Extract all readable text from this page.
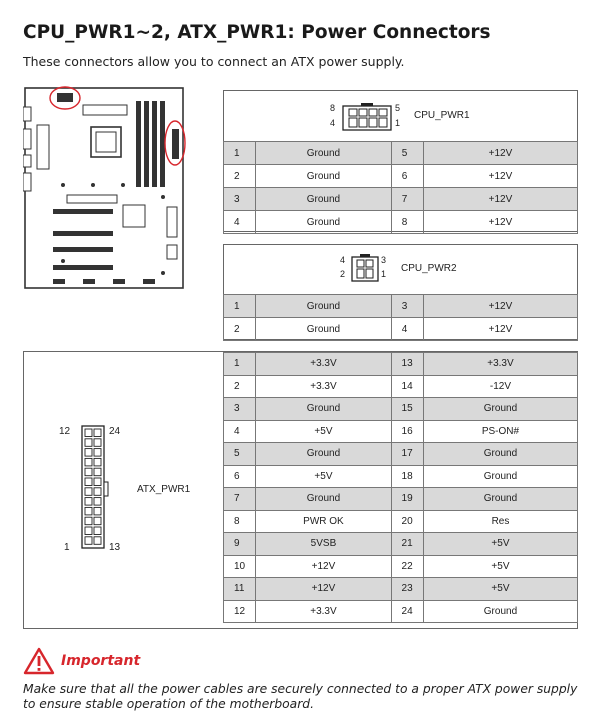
CPU_PWR1~2, ATX_PWR1: Power Connectors
These connectors allow you to connect an ATX power supply.
8
4
5
1
CPU_PWR1
1	Ground	5	+12V
2	Ground	6	+12V
3	Ground	7	+12V
4	Ground	8	+12V
4
2
3
1 CPU_PWR2
1	Ground	3	+12V
2	Ground	4	+12V
12	24
1	13
ATX_PWR1
1	+3.3V	13	+3.3V
2	+3.3V	14	-12V
3	Ground	15	Ground
4	+5V	16	PS-ON#
5	Ground	17	Ground
6	+5V	18	Ground
7	Ground	19	Ground
8	PWR OK	20	Res
9	5VSB	21	+5V
10	+12V	22	+5V
11	+12V	23	+5V
12	+3.3V	24	Ground
Important
Make sure that all the power cables are securely connected to a proper ATX power supply to ensure stable operation of the motherboard.
